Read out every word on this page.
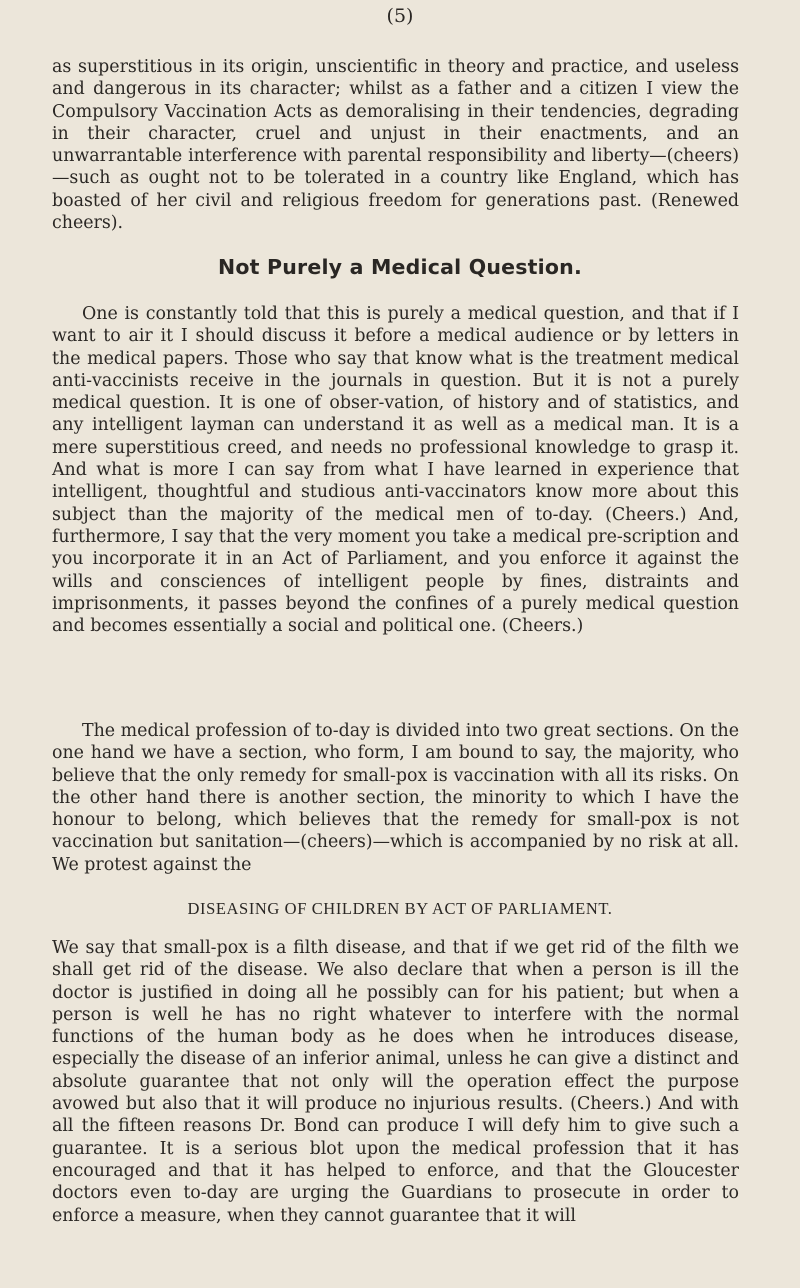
(5)

as superstitious in its origin, unscientific in theory and practice, and useless and dangerous in its character; whilst as a father and a citizen I view the Compulsory Vaccination Acts as demoralising in their tendencies, degrading in their character, cruel and unjust in their enactments, and an unwarrantable interference with parental responsibility and liberty—(cheers)—such as ought not to be tolerated in a country like England, which has boasted of her civil and religious freedom for generations past. (Renewed cheers).

Not Purely a Medical Question.

One is constantly told that this is purely a medical question, and that if I want to air it I should discuss it before a medical audience or by letters in the medical papers. Those who say that know what is the treatment medical anti-vaccinists receive in the journals in question. But it is not a purely medical question. It is one of obser-vation, of history and of statistics, and any intelligent layman can understand it as well as a medical man. It is a mere superstitious creed, and needs no professional knowledge to grasp it. And what is more I can say from what I have learned in experience that intelligent, thoughtful and studious anti-vaccinators know more about this subject than the majority of the medical men of to-day. (Cheers.) And, furthermore, I say that the very moment you take a medical pre-scription and you incorporate it in an Act of Parliament, and you enforce it against the wills and consciences of intelligent people by fines, distraints and imprisonments, it passes beyond the confines of a purely medical question and becomes essentially a social and political one. (Cheers.)

The medical profession of to-day is divided into two great sections. On the one hand we have a section, who form, I am bound to say, the majority, who believe that the only remedy for small-pox is vaccination with all its risks. On the other hand there is another section, the minority to which I have the honour to belong, which believes that the remedy for small-pox is not vaccination but sanitation—(cheers)—which is accompanied by no risk at all. We protest against the

DISEASING OF CHILDREN BY ACT OF PARLIAMENT.

We say that small-pox is a filth disease, and that if we get rid of the filth we shall get rid of the disease. We also declare that when a person is ill the doctor is justified in doing all he possibly can for his patient; but when a person is well he has no right whatever to interfere with the normal functions of the human body as he does when he introduces disease, especially the disease of an inferior animal, unless he can give a distinct and absolute guarantee that not only will the operation effect the purpose avowed but also that it will produce no injurious results. (Cheers.) And with all the fifteen reasons Dr. Bond can produce I will defy him to give such a guarantee. It is a serious blot upon the medical profession that it has encouraged and that it has helped to enforce, and that the Gloucester doctors even to-day are urging the Guardians to prosecute in order to enforce a measure, when they cannot guarantee that it will
